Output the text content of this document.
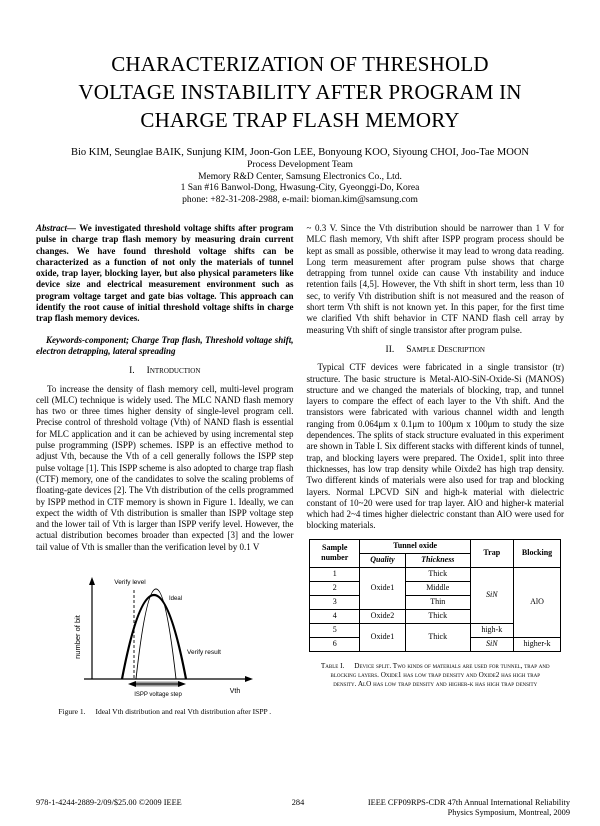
CHARACTERIZATION OF THRESHOLD
VOLTAGE INSTABILITY AFTER PROGRAM IN
CHARGE TRAP FLASH MEMORY
Bio KIM, Seunglae BAIK, Sunjung KIM, Joon-Gon LEE, Bonyoung KOO, Siyoung CHOI, Joo-Tae MOON
Process Development Team
Memory R&D Center, Samsung Electronics Co., Ltd.
1 San #16 Banwol-Dong, Hwasung-City, Gyeonggi-Do, Korea
phone: +82-31-208-2988, e-mail: bioman.kim@samsung.com

Abstract— We investigated threshold voltage shifts after program pulse in charge trap flash memory by measuring drain current changes. We have found threshold voltage shifts can be characterized as a function of not only the materials of tunnel oxide, trap layer, blocking layer, but also physical parameters like device size and electrical measurement environment such as program voltage target and gate bias voltage. This approach can identify the root cause of initial threshold voltage shifts in charge trap flash memory devices.

Keywords-component; Charge Trap flash, Threshold voltage shift, electron detrapping, lateral spreading

I. Introduction

To increase the density of flash memory cell, multi-level program cell (MLC) technique is widely used. The MLC NAND flash memory has two or three times higher density of single-level program cell. Precise control of threshold voltage (Vth) of NAND flash is essential for MLC application and it can be achieved by using incremental step pulse programming (ISPP) schemes. ISPP is an effective method to adjust Vth, because the Vth of a cell generally follows the ISPP step pulse voltage [1]. This ISPP scheme is also adopted to charge trap flash (CTF) memory, one of the candidates to solve the scaling problems of floating-gate devices [2]. The Vth distribution of the cells programmed by ISPP method in CTF memory is shown in Figure 1. Ideally, we can expect the width of Vth distribution is smaller than ISPP voltage step and the lower tail of Vth is larger than ISPP verify level. However, the actual distribution becomes broader than expected [3] and the lower tail value of Vth is smaller than the verification level by 0.1 V

Verify level
Ideal
Verify result
ISPP voltage step	Vth
number of bit
Figure 1. Ideal Vth distribution and real Vth distribution after ISPP .

~ 0.3 V. Since the Vth distribution should be narrower than 1 V for MLC flash memory, Vth shift after ISPP program process should be kept as small as possible, otherwise it may lead to wrong data reading. Long term measurement after program pulse shows that charge detrapping from tunnel oxide can cause Vth instability and induce retention fails [4,5]. However, the Vth shift in short term, less than 10 sec, to verify Vth distribution shift is not measured and the reason of short term Vth shift is not known yet. In this paper, for the first time we clarified Vth shift behavior in CTF NAND flash cell array by measuring Vth shift of single transistor after program pulse.

II. Sample Description

Typical CTF devices were fabricated in a single transistor (tr) structure. The basic structure is Metal-AlO-SiN-Oxide-Si (MANOS) structure and we changed the materials of blocking, trap, and tunnel layers to compare the effect of each layer to the Vth shift. And the transistors were fabricated with various channel width and length ranging from 0.064μm x 0.1μm to 100μm x 100μm to study the size dependences. The splits of stack structure evaluated in this experiment are shown in Table I. Six different stacks with different kinds of tunnel, trap, and blocking layers were prepared. The Oxide1, split into three thicknesses, has low trap density while Oixde2 has high trap density. Two different kinds of materials were also used for trap and blocking layers. Normal LPCVD SiN and high-k material with dielectric constant of 10~20 were used for trap layer. AlO and higher-k material which had 2~4 times higher dielectric constant than AlO were used for blocking materials.

Sample number	Tunnel oxide		Trap	Blocking
	Quality	Thickness		
1	Oxide1	Thick	SiN	AlO
2		Middle		
3		Thin		
4	Oxide2	Thick		
5	Oxide1	Thick	high-k	
6			SiN	higher-k
Table I. Device split. Two kinds of materials are used for tunnel, trap and blocking layers. Oxide1 has low trap density and Oxide2 has high trap density. AlO has low trap density and higher-k has high trap density
978-1-4244-2889-2/09/$25.00 ©2009 IEEE	284	IEEE CFP09RPS-CDR 47th Annual International Reliability
Physics Symposium, Montreal, 2009
